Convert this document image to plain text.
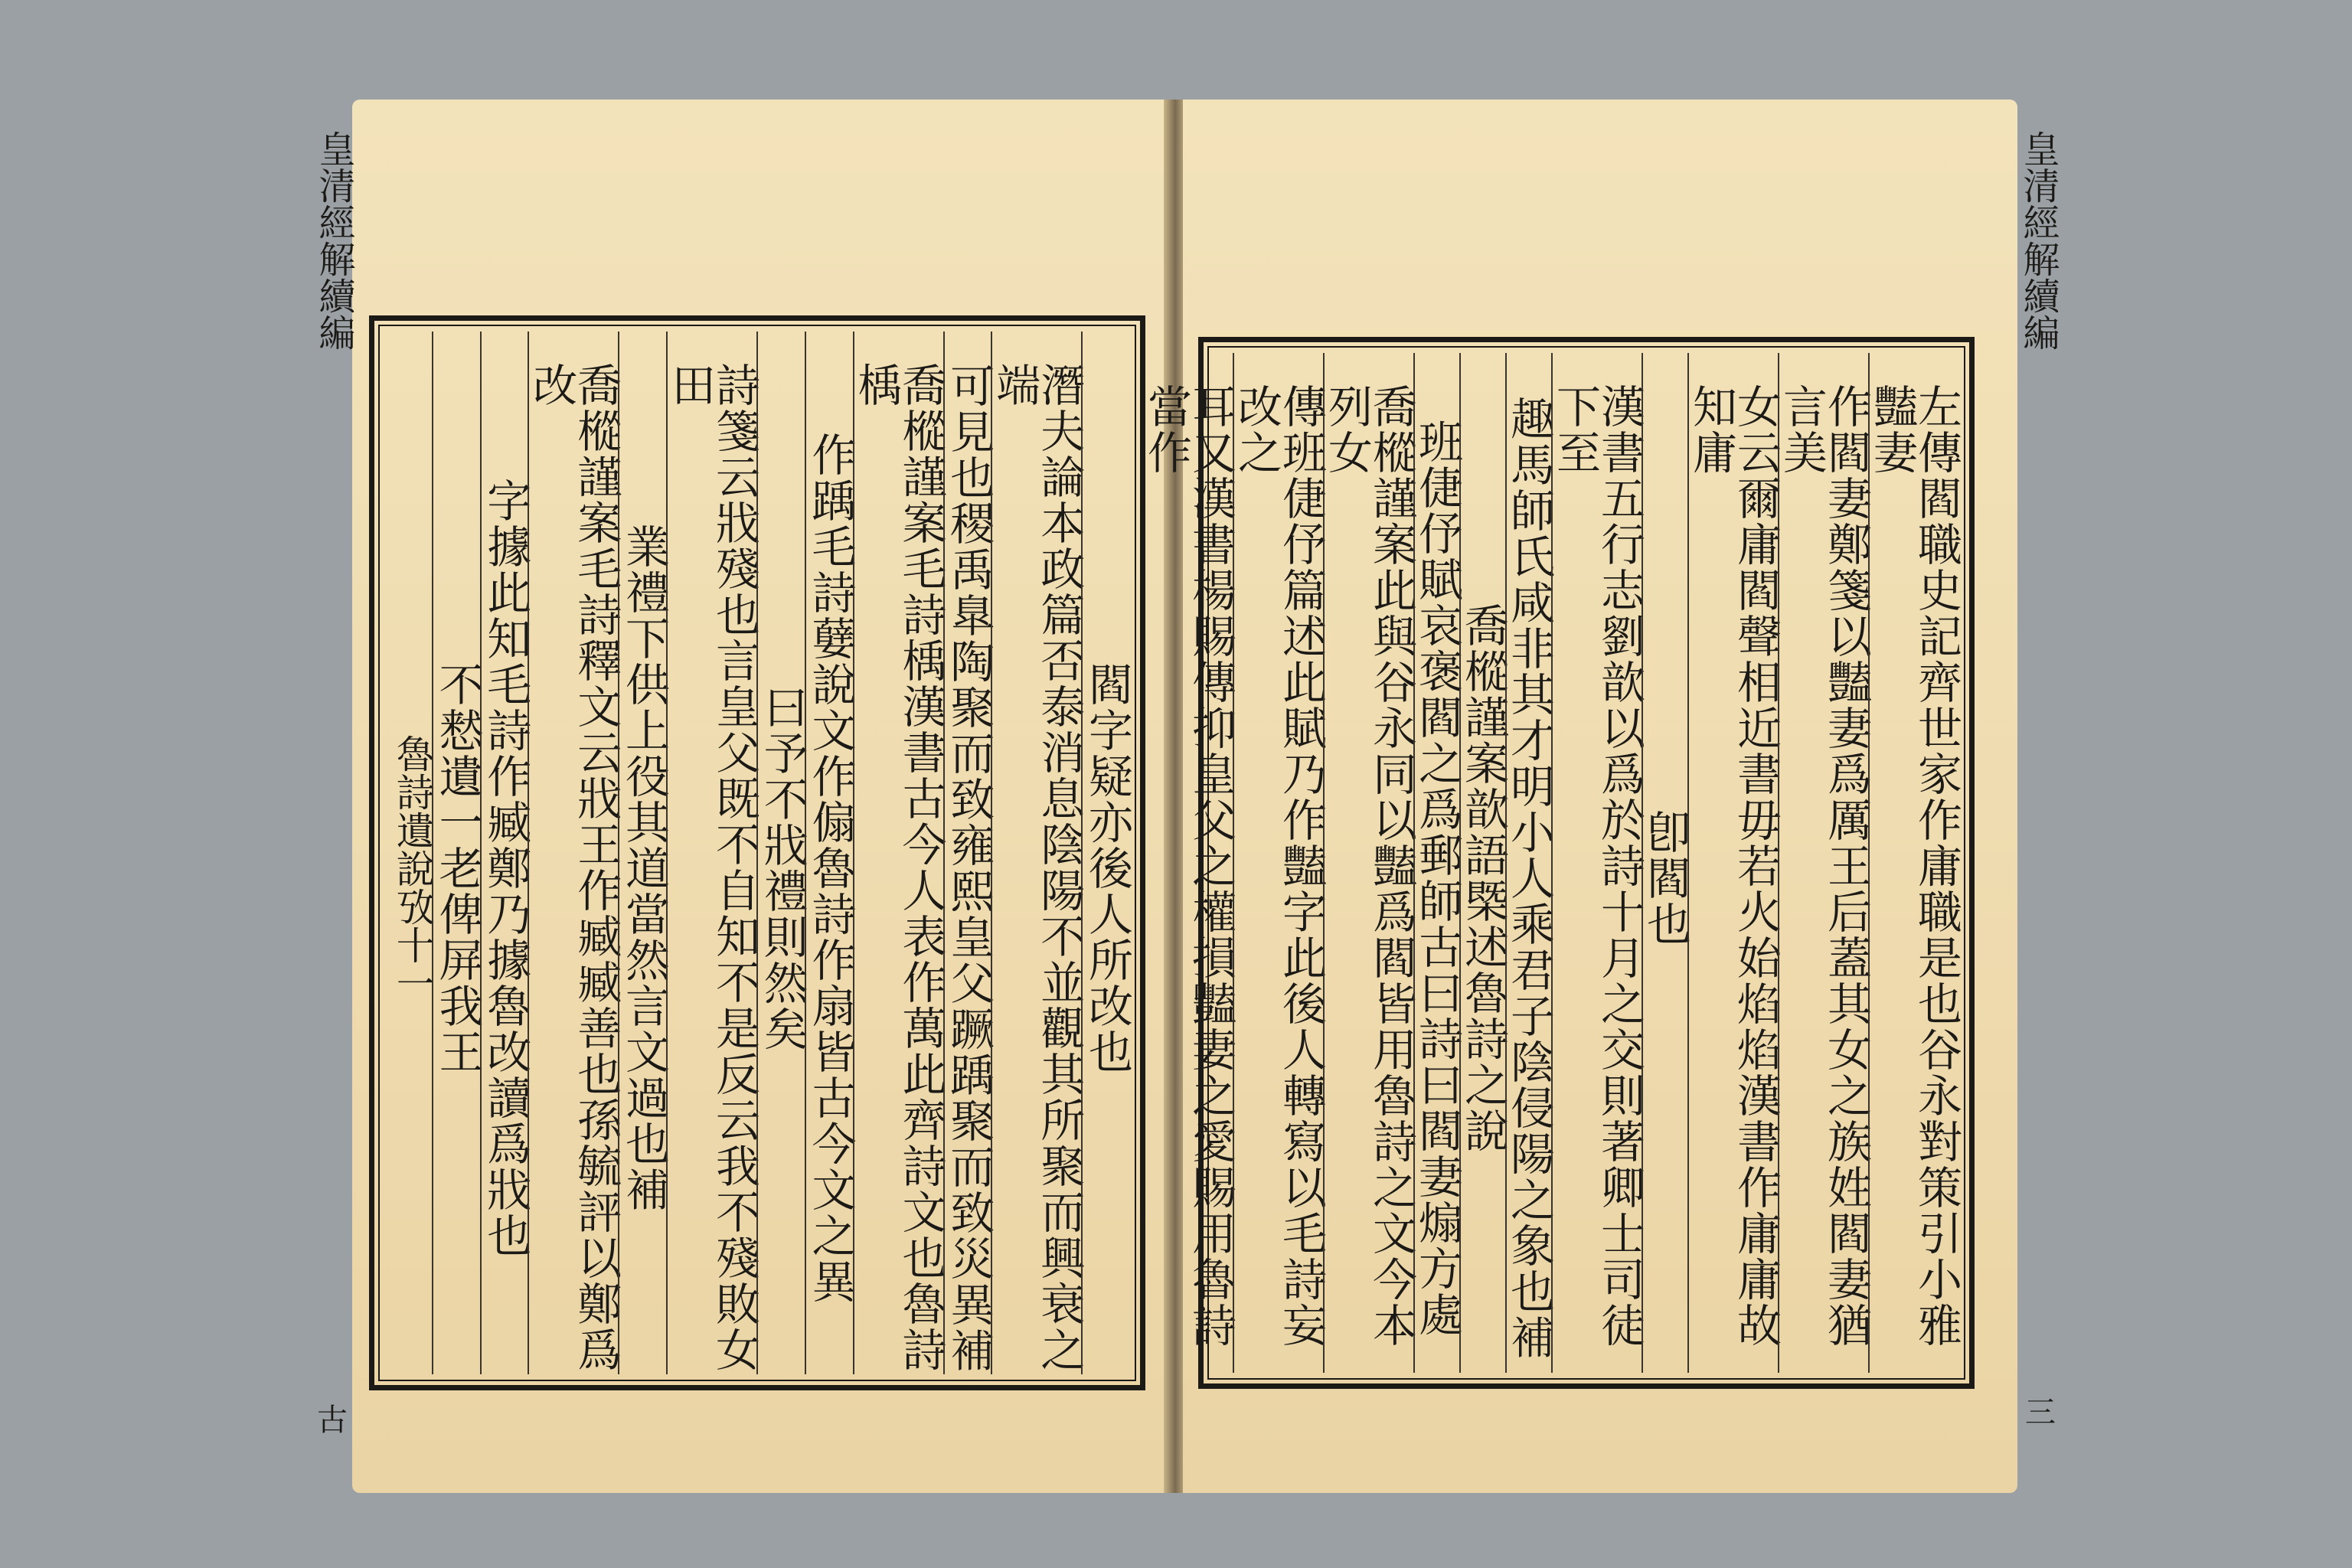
皇清經解續編
閻字疑亦後人所改也
潛夫論本政篇否泰消息陰陽不並觀其所聚而興衰之端
可見也稷禹臯陶聚而致雍熙皇父蹶踽聚而致災異補
喬樅謹案毛詩楀漢書古今人表作萬此齊詩文也魯詩楀
作踽毛詩㜸說文作傓魯詩作扇皆古今文之異
曰予不戕禮則然矣
詩箋云戕殘也言皇父既不自知不是反云我不殘敗女田
業禮下供上役其道當然言文過也補
喬樅謹案毛詩釋文云戕王作臧臧善也孫毓評以鄭爲改
字據此知毛詩作臧鄭乃據魯改讀爲戕也
不慭遺一老俾屏我王
魯詩遺說攷十一
古
皇清經解續編
左傳閻職史記齊世家作庸職是也谷永對策引小雅豔妻
作閻妻鄭箋以豔妻爲厲王后蓋其女之族姓閻妻猶言美
女云爾庸閻聲相近書毋若火始焰焰漢書作庸庸故知庸
卽閻也
漢書五行志劉歆以爲於詩十月之交則著卿士司徒下至
趣馬師氏咸非其才明小人乘君子陰侵陽之象也補
喬樅謹案歆語㮣述魯詩之說
班倢伃賦哀褒閻之爲郵師古曰詩曰閻妻煽方處
喬樅謹案此與谷永同以豔爲閻皆用魯詩之文今本列女
傳班倢伃篇述此賦乃作豔字此後人轉寫以毛詩妄改之
耳又漢書楊賜傳抑皇父之權損豔妻之愛賜用魯詩當作
三
